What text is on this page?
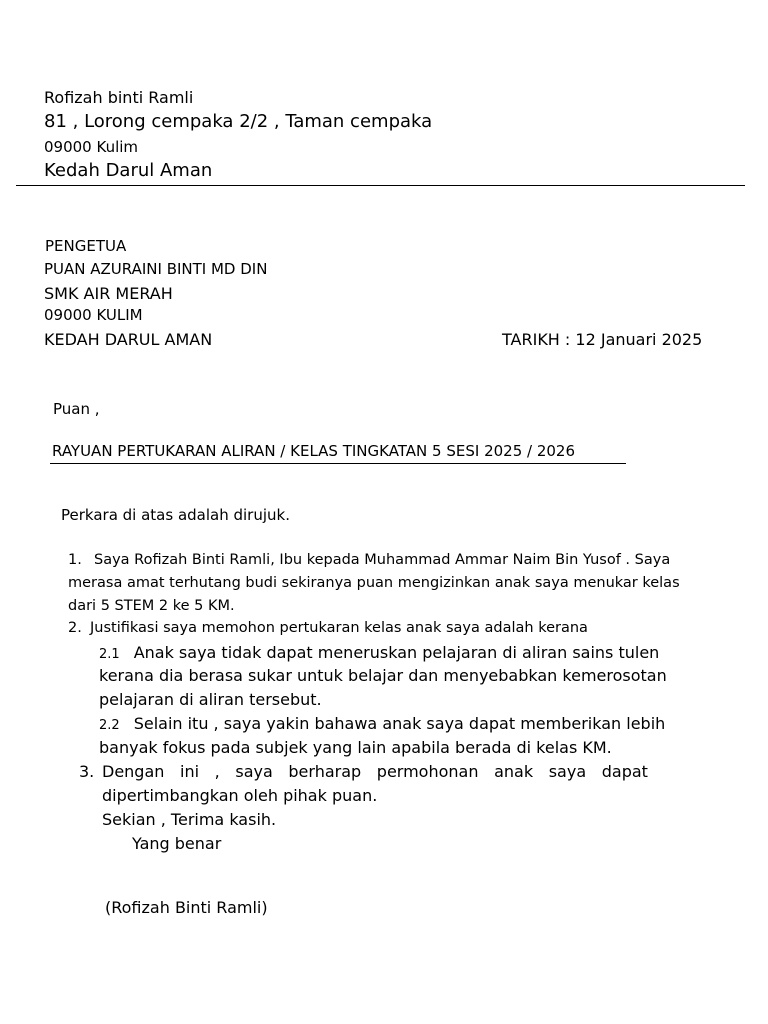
Rofizah binti Ramli
81 , Lorong cempaka 2/2 , Taman cempaka
09000 Kulim
Kedah Darul Aman
PENGETUA
PUAN AZURAINI BINTI MD DIN
SMK AIR MERAH
09000 KULIM
KEDAH DARUL AMAN	TARIKH : 12 Januari 2025
Puan ,
RAYUAN PERTUKARAN ALIRAN / KELAS TINGKATAN 5 SESI 2025 / 2026
Perkara di atas adalah dirujuk.
1. Saya Rofizah Binti Ramli, Ibu kepada Muhammad Ammar Naim Bin Yusof . Saya
merasa amat terhutang budi sekiranya puan mengizinkan anak saya menukar kelas
dari 5 STEM 2 ke 5 KM.
2. Justifikasi saya memohon pertukaran kelas anak saya adalah kerana
2.1 Anak saya tidak dapat meneruskan pelajaran di aliran sains tulen
kerana dia berasa sukar untuk belajar dan menyebabkan kemerosotan
pelajaran di aliran tersebut.
2.2 Selain itu , saya yakin bahawa anak saya dapat memberikan lebih
banyak fokus pada subjek yang lain apabila berada di kelas KM.
3. Dengan ini , saya berharap permohonan anak saya dapat
dipertimbangkan oleh pihak puan.
Sekian , Terima kasih.
Yang benar
(Rofizah Binti Ramli)
